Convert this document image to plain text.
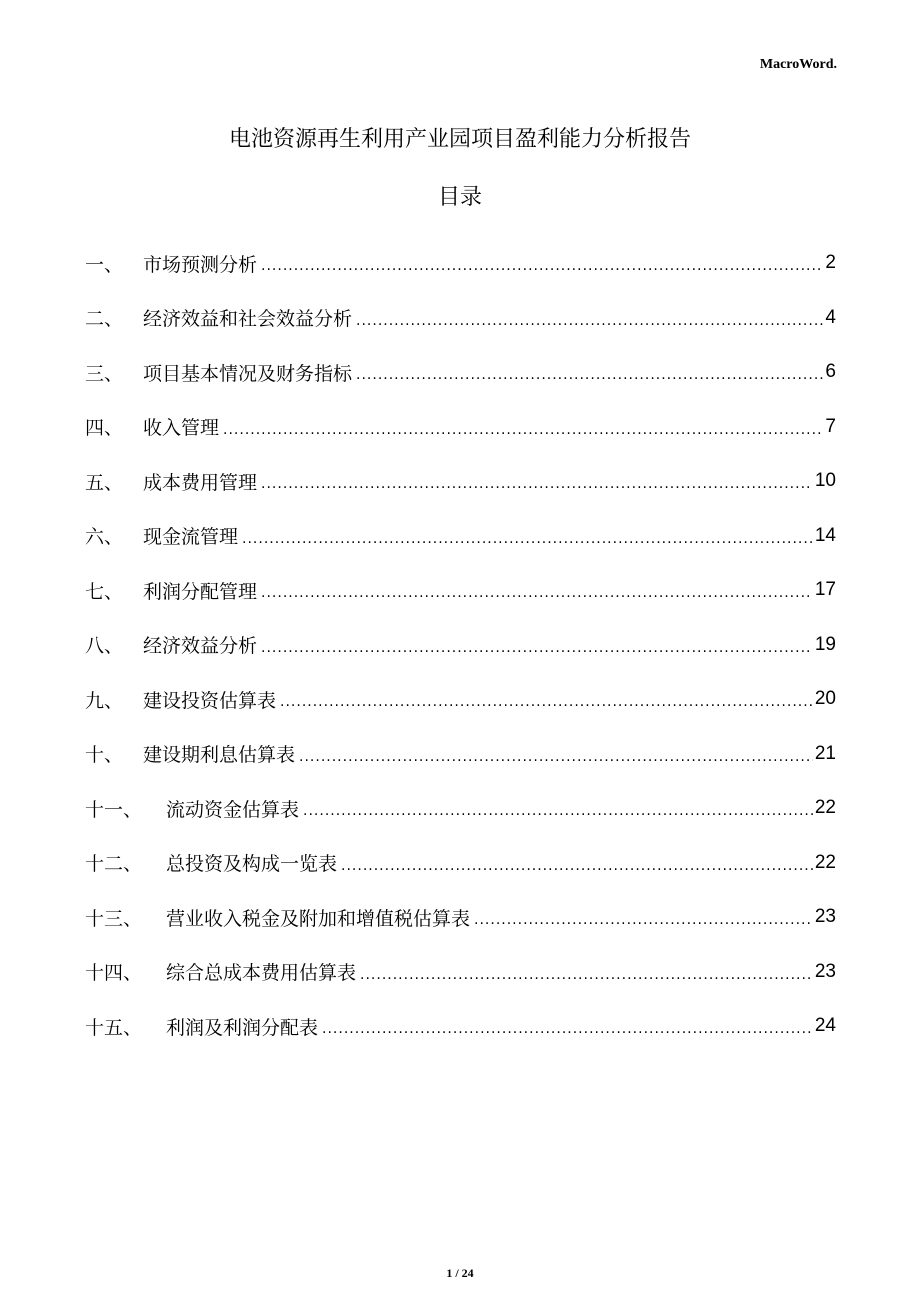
MacroWord.
电池资源再生利用产业园项目盈利能力分析报告
目录
一、	市场预测分析 .....	2
二、	经济效益和社会效益分析 .....	4
三、	项目基本情况及财务指标 .....	6
四、	收入管理 .....	7
五、	成本费用管理 .....	10
六、	现金流管理 .....	14
七、	利润分配管理 .....	17
八、	经济效益分析 .....	19
九、	建设投资估算表 .....	20
十、	建设期利息估算表 .....	21
十一、	流动资金估算表 .....	22
十二、	总投资及构成一览表 .....	22
十三、	营业收入税金及附加和增值税估算表 .....	23
十四、	综合总成本费用估算表 .....	23
十五、	利润及利润分配表 .....	24
1 / 24
